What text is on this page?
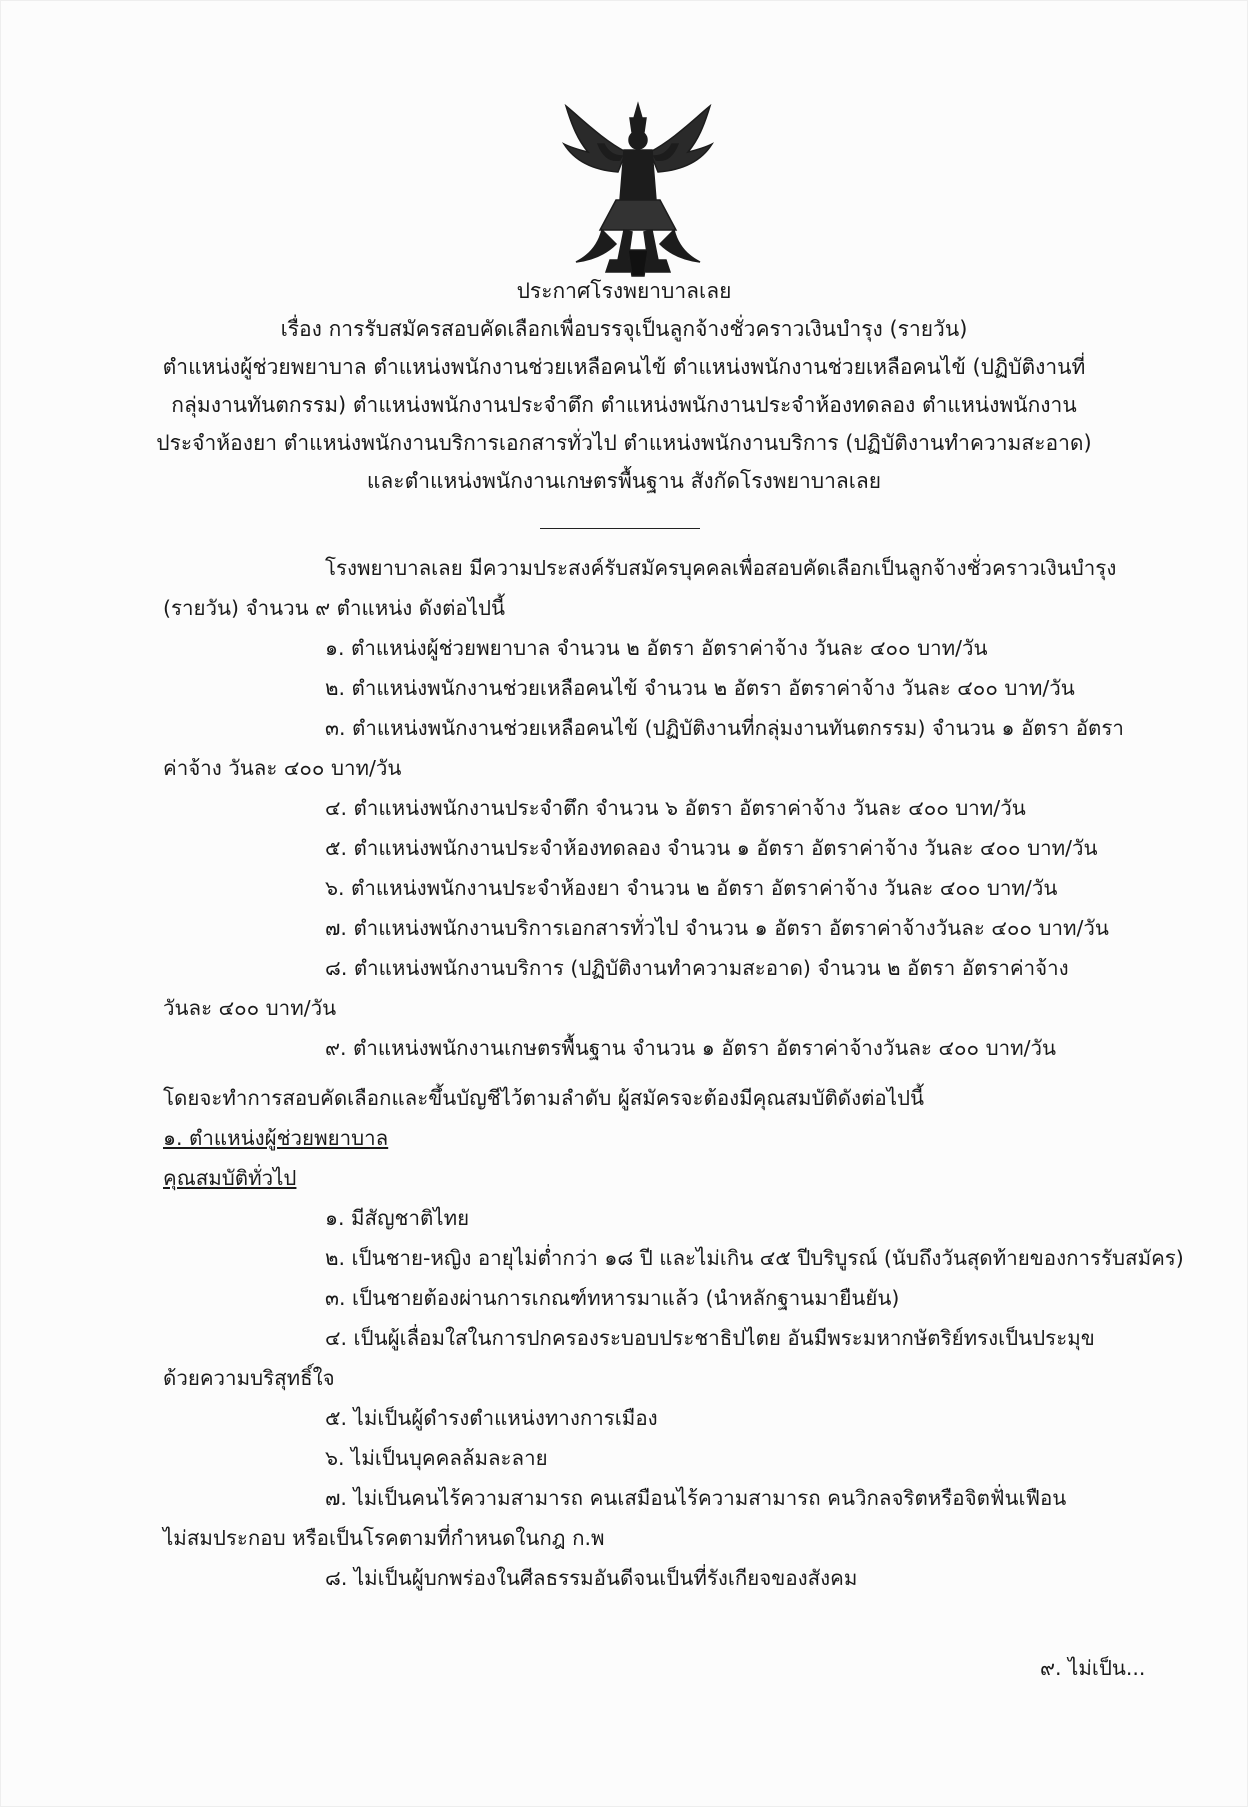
ประกาศโรงพยาบาลเลย
เรื่อง การรับสมัครสอบคัดเลือกเพื่อบรรจุเป็นลูกจ้างชั่วคราวเงินบำรุง (รายวัน)
ตำแหน่งผู้ช่วยพยาบาล ตำแหน่งพนักงานช่วยเหลือคนไข้ ตำแหน่งพนักงานช่วยเหลือคนไข้ (ปฏิบัติงานที่
กลุ่มงานทันตกรรม) ตำแหน่งพนักงานประจำตึก ตำแหน่งพนักงานประจำห้องทดลอง ตำแหน่งพนักงาน
ประจำห้องยา ตำแหน่งพนักงานบริการเอกสารทั่วไป ตำแหน่งพนักงานบริการ (ปฏิบัติงานทำความสะอาด)
และตำแหน่งพนักงานเกษตรพื้นฐาน สังกัดโรงพยาบาลเลย
โรงพยาบาลเลย มีความประสงค์รับสมัครบุคคลเพื่อสอบคัดเลือกเป็นลูกจ้างชั่วคราวเงินบำรุง
(รายวัน) จำนวน ๙ ตำแหน่ง ดังต่อไปนี้
๑. ตำแหน่งผู้ช่วยพยาบาล จำนวน ๒ อัตรา อัตราค่าจ้าง วันละ ๔๐๐ บาท/วัน
๒. ตำแหน่งพนักงานช่วยเหลือคนไข้ จำนวน ๒ อัตรา อัตราค่าจ้าง วันละ ๔๐๐ บาท/วัน
๓. ตำแหน่งพนักงานช่วยเหลือคนไข้ (ปฏิบัติงานที่กลุ่มงานทันตกรรม) จำนวน ๑ อัตรา อัตรา
ค่าจ้าง วันละ ๔๐๐ บาท/วัน
๔. ตำแหน่งพนักงานประจำตึก จำนวน ๖ อัตรา อัตราค่าจ้าง วันละ ๔๐๐ บาท/วัน
๕. ตำแหน่งพนักงานประจำห้องทดลอง จำนวน ๑ อัตรา อัตราค่าจ้าง วันละ ๔๐๐ บาท/วัน
๖. ตำแหน่งพนักงานประจำห้องยา จำนวน ๒ อัตรา อัตราค่าจ้าง วันละ ๔๐๐ บาท/วัน
๗. ตำแหน่งพนักงานบริการเอกสารทั่วไป จำนวน ๑ อัตรา อัตราค่าจ้างวันละ ๔๐๐ บาท/วัน
๘. ตำแหน่งพนักงานบริการ (ปฏิบัติงานทำความสะอาด) จำนวน ๒ อัตรา อัตราค่าจ้าง
วันละ ๔๐๐ บาท/วัน
๙. ตำแหน่งพนักงานเกษตรพื้นฐาน จำนวน ๑ อัตรา อัตราค่าจ้างวันละ ๔๐๐ บาท/วัน
โดยจะทำการสอบคัดเลือกและขึ้นบัญชีไว้ตามลำดับ ผู้สมัครจะต้องมีคุณสมบัติดังต่อไปนี้
๑. ตำแหน่งผู้ช่วยพยาบาล
คุณสมบัติทั่วไป
๑. มีสัญชาติไทย
๒. เป็นชาย-หญิง อายุไม่ต่ำกว่า ๑๘ ปี และไม่เกิน ๔๕ ปีบริบูรณ์ (นับถึงวันสุดท้ายของการรับสมัคร)
๓. เป็นชายต้องผ่านการเกณฑ์ทหารมาแล้ว (นำหลักฐานมายืนยัน)
๔. เป็นผู้เลื่อมใสในการปกครองระบอบประชาธิปไตย อันมีพระมหากษัตริย์ทรงเป็นประมุข
ด้วยความบริสุทธิ์ใจ
๕. ไม่เป็นผู้ดำรงตำแหน่งทางการเมือง
๖. ไม่เป็นบุคคลล้มละลาย
๗. ไม่เป็นคนไร้ความสามารถ คนเสมือนไร้ความสามารถ คนวิกลจริตหรือจิตฟั่นเฟือน
ไม่สมประกอบ หรือเป็นโรคตามที่กำหนดในกฎ ก.พ
๘. ไม่เป็นผู้บกพร่องในศีลธรรมอันดีจนเป็นที่รังเกียจของสังคม
๙. ไม่เป็น...
